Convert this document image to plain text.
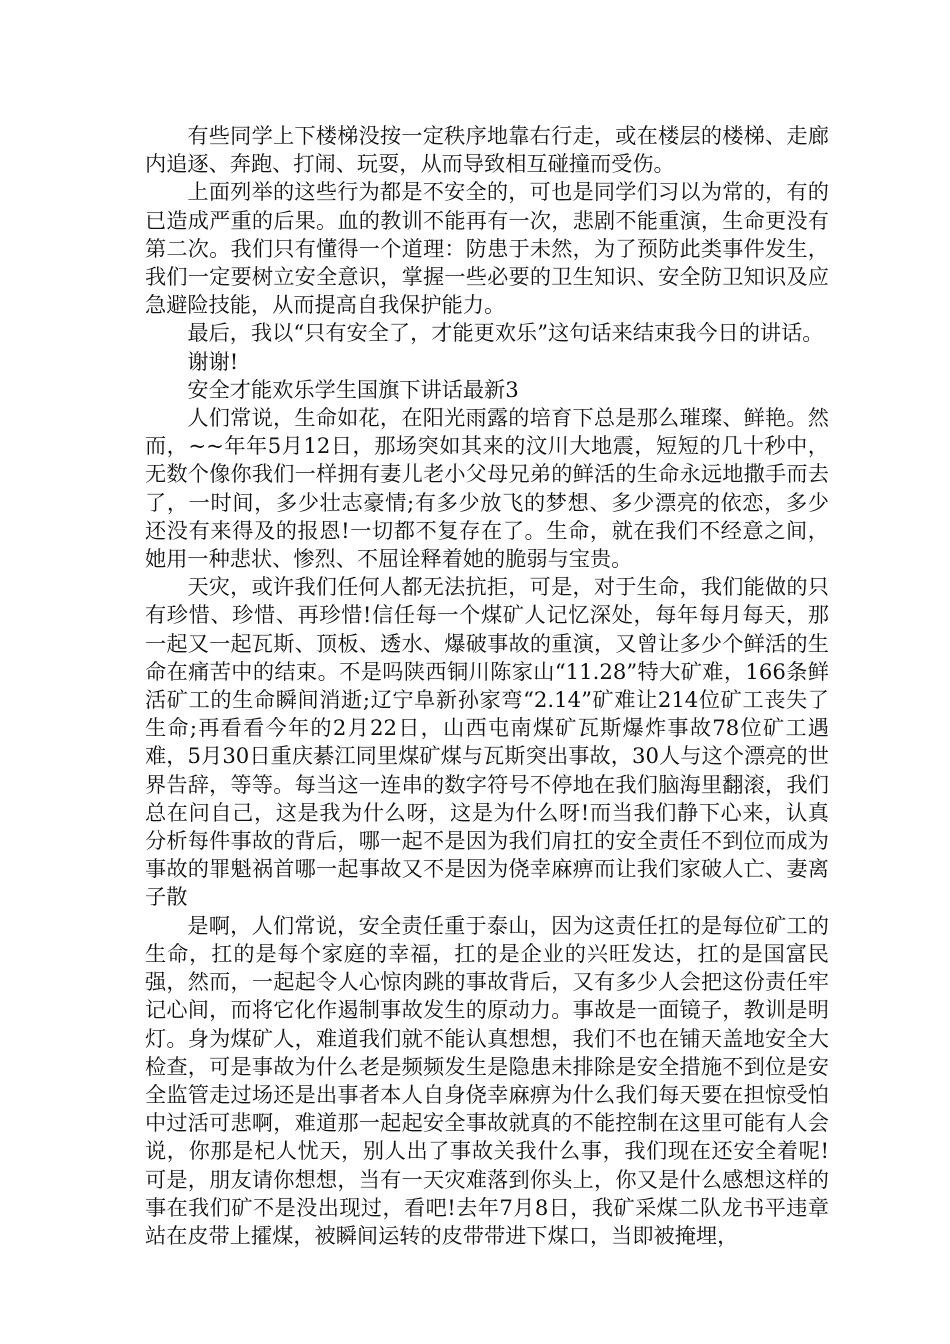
有些同学上下楼梯没按一定秩序地靠右行走，或在楼层的楼梯、走廊内追逐、奔跑、打闹、玩耍，从而导致相互碰撞而受伤。

上面列举的这些行为都是不安全的，可也是同学们习以为常的，有的已造成严重的后果。血的教训不能再有一次，悲剧不能重演，生命更没有第二次。我们只有懂得一个道理：防患于未然，为了预防此类事件发生，我们一定要树立安全意识，掌握一些必要的卫生知识、安全防卫知识及应急避险技能，从而提高自我保护能力。

最后，我以“只有安全了，才能更欢乐”这句话来结束我今日的讲话。

谢谢!

安全才能欢乐学生国旗下讲话最新3

人们常说，生命如花，在阳光雨露的培育下总是那么璀璨、鲜艳。然而，~~年年5月12日，那场突如其来的汶川大地震，短短的几十秒中，无数个像你我们一样拥有妻儿老小父母兄弟的鲜活的生命永远地撒手而去了，一时间，多少壮志豪情;有多少放飞的梦想、多少漂亮的依恋，多少还没有来得及的报恩!一切都不复存在了。生命，就在我们不经意之间，她用一种悲状、惨烈、不屈诠释着她的脆弱与宝贵。

天灾，或许我们任何人都无法抗拒，可是，对于生命，我们能做的只有珍惜、珍惜、再珍惜!信任每一个煤矿人记忆深处，每年每月每天，那一起又一起瓦斯、顶板、透水、爆破事故的重演，又曾让多少个鲜活的生命在痛苦中的结束。不是吗陕西铜川陈家山“11.28”特大矿难，166条鲜活矿工的生命瞬间消逝;辽宁阜新孙家弯“2.14”矿难让214位矿工丧失了生命;再看看今年的2月22日，山西屯南煤矿瓦斯爆炸事故78位矿工遇难，5月30日重庆綦江同里煤矿煤与瓦斯突出事故，30人与这个漂亮的世界告辞，等等。每当这一连串的数字符号不停地在我们脑海里翻滚，我们总在问自己，这是我为什么呀，这是为什么呀!而当我们静下心来，认真分析每件事故的背后，哪一起不是因为我们肩扛的安全责任不到位而成为事故的罪魁祸首哪一起事故又不是因为侥幸麻痹而让我们家破人亡、妻离子散

是啊，人们常说，安全责任重于泰山，因为这责任扛的是每位矿工的生命，扛的是每个家庭的幸福，扛的是企业的兴旺发达，扛的是国富民强，然而，一起起令人心惊肉跳的事故背后，又有多少人会把这份责任牢记心间，而将它化作遏制事故发生的原动力。事故是一面镜子，教训是明灯。身为煤矿人，难道我们就不能认真想想，我们不也在铺天盖地安全大检查，可是事故为什么老是频频发生是隐患未排除是安全措施不到位是安全监管走过场还是出事者本人自身侥幸麻痹为什么我们每天要在担惊受怕中过活可悲啊，难道那一起起安全事故就真的不能控制在这里可能有人会说，你那是杞人忧天，别人出了事故关我什么事，我们现在还安全着呢!可是，朋友请你想想，当有一天灾难落到你头上，你又是什么感想这样的事在我们矿不是没出现过，看吧!去年7月8日，我矿采煤二队龙书平违章站在皮带上攉煤，被瞬间运转的皮带带进下煤口，当即被掩埋，
